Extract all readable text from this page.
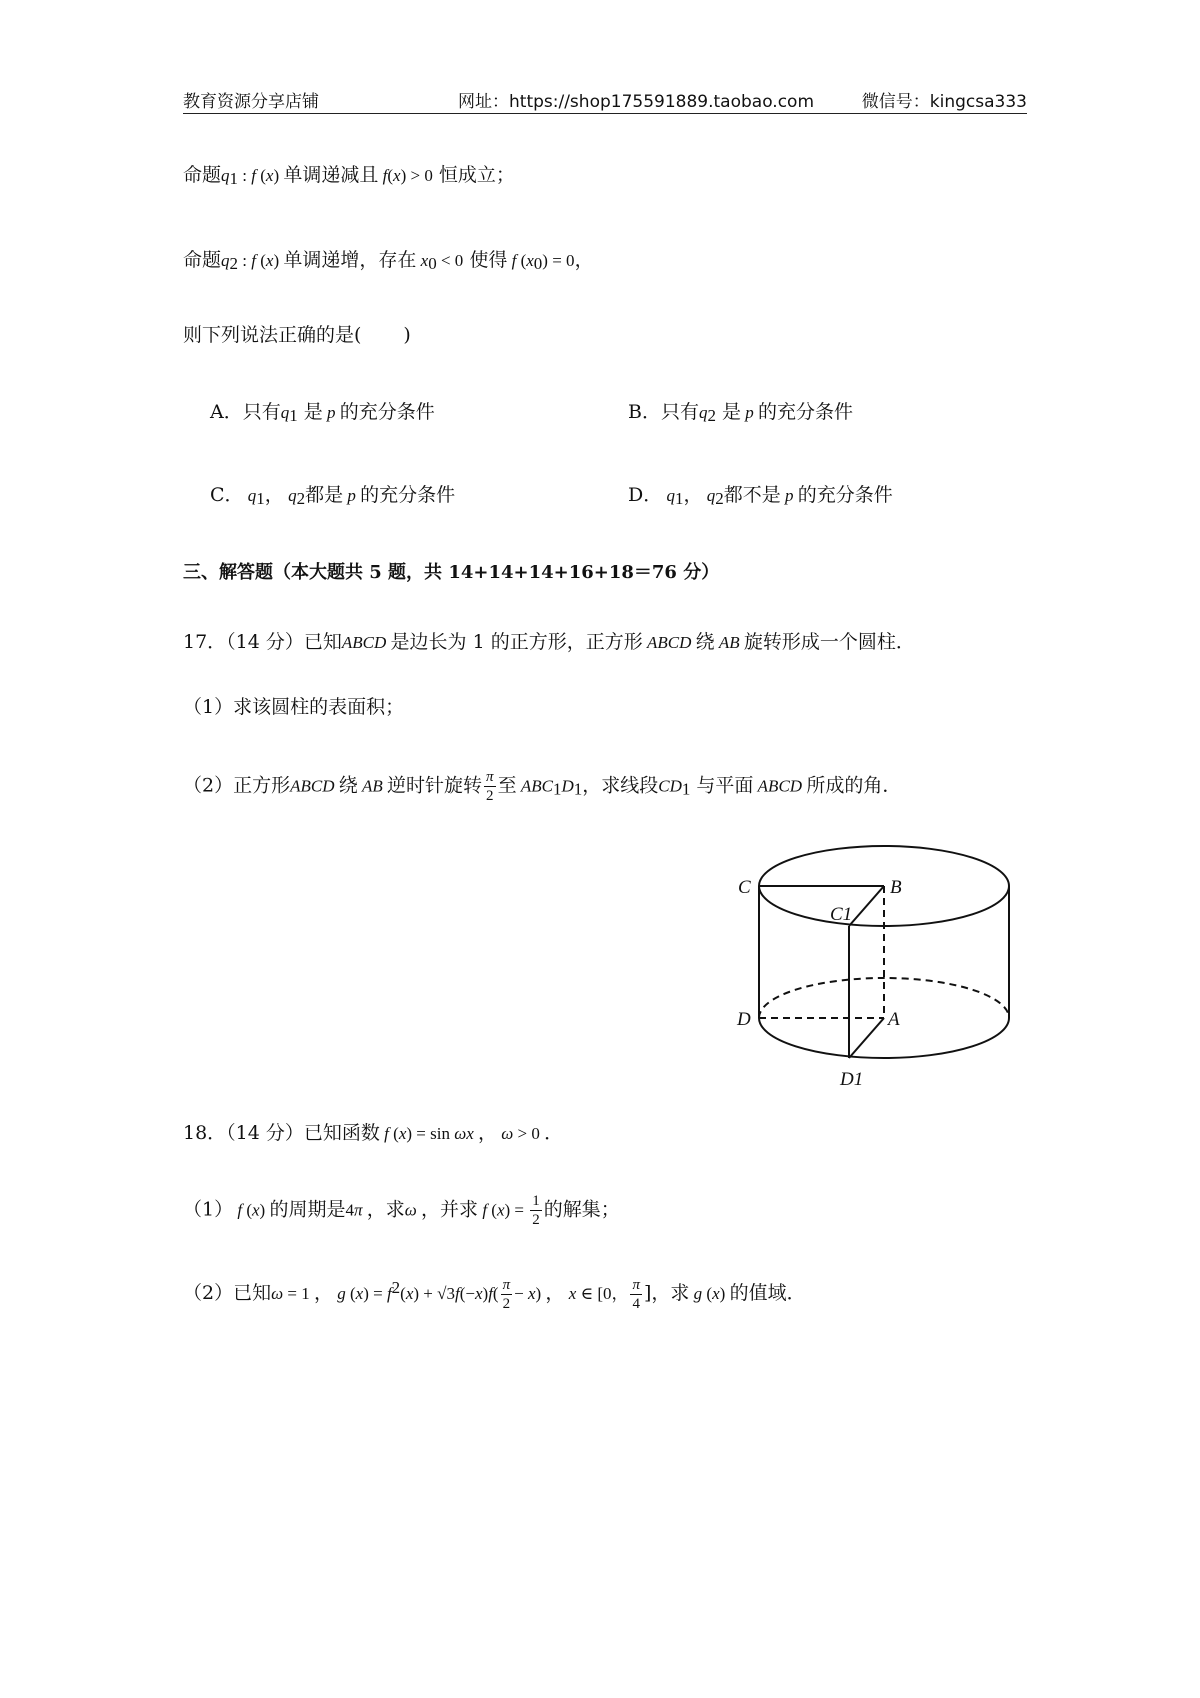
教育资源分享店铺	网址：https://shop175591889.taobao.com	微信号：kingcsa333
命题$q_1$ : f (x) 单调递减且 f(x) > 0 恒成立；
命题$q_2$ : f (x) 单调递增，存在 $x_0 < 0$ 使得 f $(x_0) = 0$，
则下列说法正确的是( )
A．只有$q_1$ 是 p 的充分条件	B．只有$q_2$ 是 p 的充分条件
C． $q_1$， $q_2$都是 p 的充分条件	D． $q_1$， $q_2$都不是 p 的充分条件
三、解答题（本大题共 5 题，共 14+14+14+16+18＝76 分）
17．（14 分）已知ABCD 是边长为 1 的正方形，正方形 ABCD 绕 AB 旋转形成一个圆柱．
（1）求该圆柱的表面积；
（2）正方形ABCD 绕 AB 逆时针旋转 $\frac{\pi}{2}$ 至 $ABC_1D_1$，求线段$CD_1$ 与平面 ABCD 所成的角．
C	B
C1
D	A
D1
18．（14 分）已知函数 f (x) = sin ωx ， ω > 0 ．
（1） f (x) 的周期是4π ，求ω ，并求 f $(x) = \frac{1}{2}$ 的解集；
（2）已知ω = 1 ， g $(x) = f^2(x) + √3f(-x)f( \frac{\pi}{2} - x)$ ， x ∈ [0， $\frac{\pi}{4}$ ]，求 g (x) 的值域．
